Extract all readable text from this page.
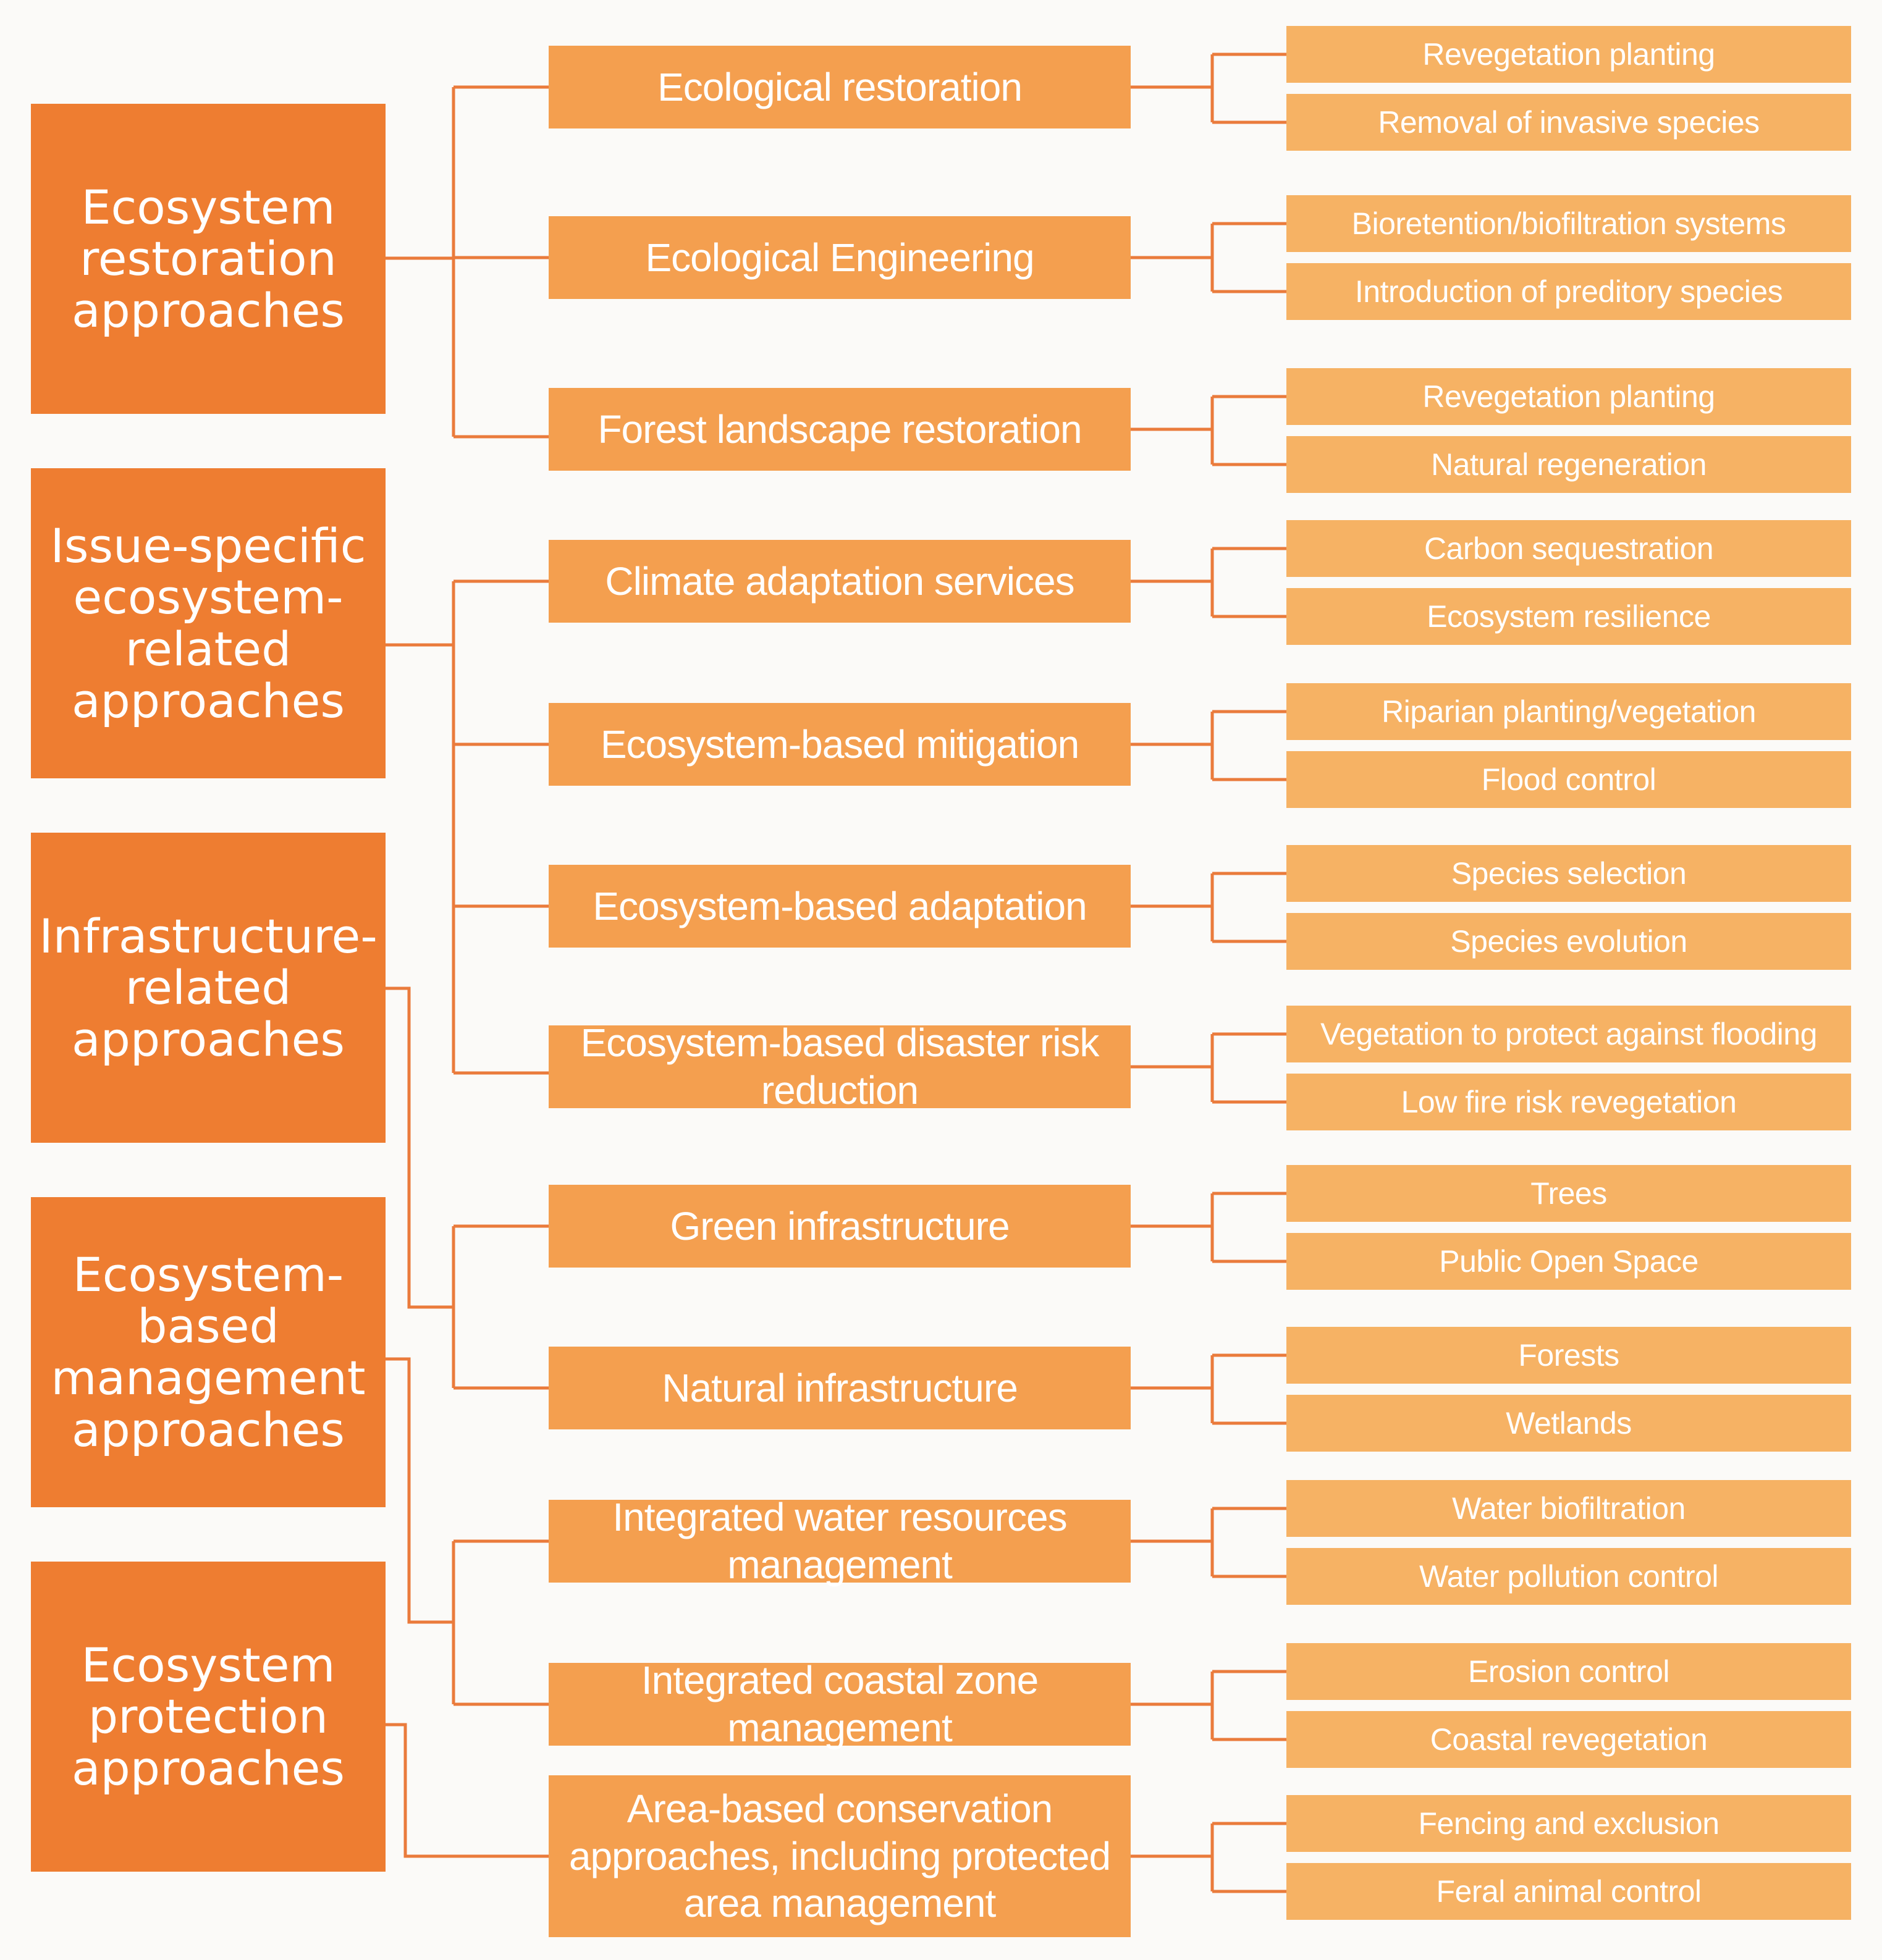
Ecosystem
restoration
approaches
Issue-specific
ecosystem-
related
approaches
Infrastructure-
related
approaches
Ecosystem-
based
management
approaches
Ecosystem
protection
approaches
Ecological restoration
Ecological Engineering
Forest landscape restoration
Climate adaptation services
Ecosystem-based mitigation
Ecosystem-based adaptation
Ecosystem-based disaster risk reduction
Green infrastructure
Natural infrastructure
Integrated water resources management
Integrated coastal zone management
Area-based conservation approaches, including protected area management
Revegetation planting
Removal of invasive species
Bioretention/biofiltration systems
Introduction of preditory species
Revegetation planting
Natural regeneration
Carbon sequestration
Ecosystem resilience
Riparian planting/vegetation
Flood control
Species selection
Species evolution
Vegetation to protect against flooding
Low fire risk revegetation
Trees
Public Open Space
Forests
Wetlands
Water biofiltration
Water pollution control
Erosion control
Coastal revegetation
Fencing and exclusion
Feral animal control
